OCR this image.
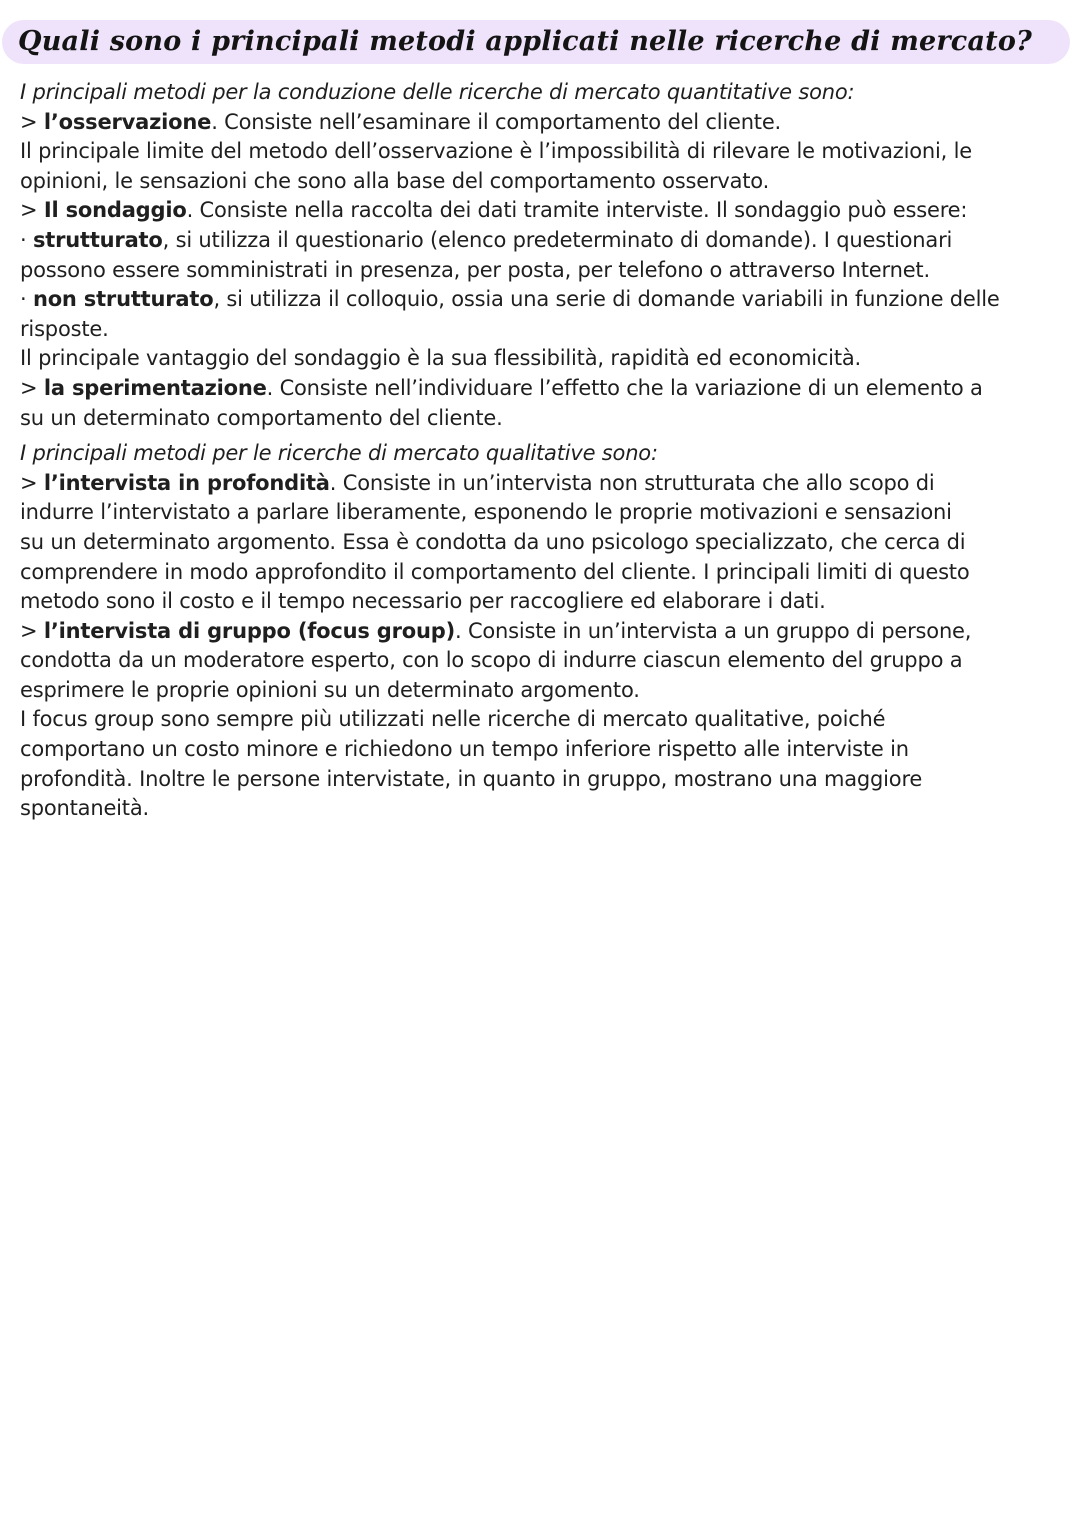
Quali sono i principali metodi applicati nelle ricerche di mercato?

I principali metodi per la conduzione delle ricerche di mercato quantitative sono:

> l’osservazione. Consiste nell’esaminare il comportamento del cliente.

Il principale limite del metodo dell’osservazione è l’impossibilità di rilevare le motivazioni, le

opinioni, le sensazioni che sono alla base del comportamento osservato.

> Il sondaggio. Consiste nella raccolta dei dati tramite interviste. Il sondaggio può essere:

· strutturato, si utilizza il questionario (elenco predeterminato di domande). I questionari

possono essere somministrati in presenza, per posta, per telefono o attraverso Internet.

· non strutturato, si utilizza il colloquio, ossia una serie di domande variabili in funzione delle

risposte.

Il principale vantaggio del sondaggio è la sua flessibilità, rapidità ed economicità.

> la sperimentazione. Consiste nell’individuare l’effetto che la variazione di un elemento a

su un determinato comportamento del cliente.

I principali metodi per le ricerche di mercato qualitative sono:

> l’intervista in profondità. Consiste in un’intervista non strutturata che allo scopo di

indurre l’intervistato a parlare liberamente, esponendo le proprie motivazioni e sensazioni

su un determinato argomento. Essa è condotta da uno psicologo specializzato, che cerca di

comprendere in modo approfondito il comportamento del cliente. I principali limiti di questo

metodo sono il costo e il tempo necessario per raccogliere ed elaborare i dati.

> l’intervista di gruppo (focus group). Consiste in un’intervista a un gruppo di persone,

condotta da un moderatore esperto, con lo scopo di indurre ciascun elemento del gruppo a

esprimere le proprie opinioni su un determinato argomento.

I focus group sono sempre più utilizzati nelle ricerche di mercato qualitative, poiché

comportano un costo minore e richiedono un tempo inferiore rispetto alle interviste in

profondità. Inoltre le persone intervistate, in quanto in gruppo, mostrano una maggiore

spontaneità.
